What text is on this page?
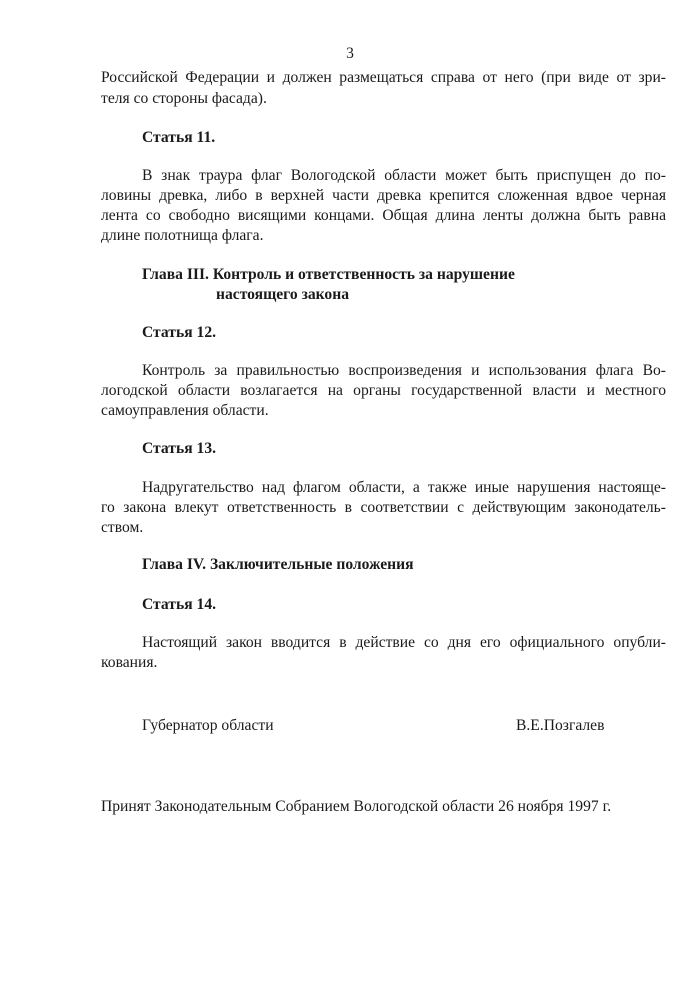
3
Российской Федерации и должен размещаться справа от него (при виде от зри-
теля со стороны фасада).
Статья 11.
В знак траура флаг Вологодской области может быть приспущен до по-
ловины древка, либо в верхней части древка крепится сложенная вдвое черная
лента со свободно висящими концами. Общая длина ленты должна быть равна
длине полотнища флага.
Глава III. Контроль и ответственность за нарушение
настоящего закона
Статья 12.
Контроль за правильностью воспроизведения и использования флага Во-
логодской области возлагается на органы государственной власти и местного
самоуправления области.
Статья 13.
Надругательство над флагом области, а также иные нарушения настояще-
го закона влекут ответственность в соответствии с действующим законодатель-
ством.
Глава IV. Заключительные положения
Статья 14.
Настоящий закон вводится в действие со дня его официального опубли-
кования.
Губернатор области	В.Е.Позгалев
Принят Законодательным Собранием Вологодской области 26 ноября 1997 г.
